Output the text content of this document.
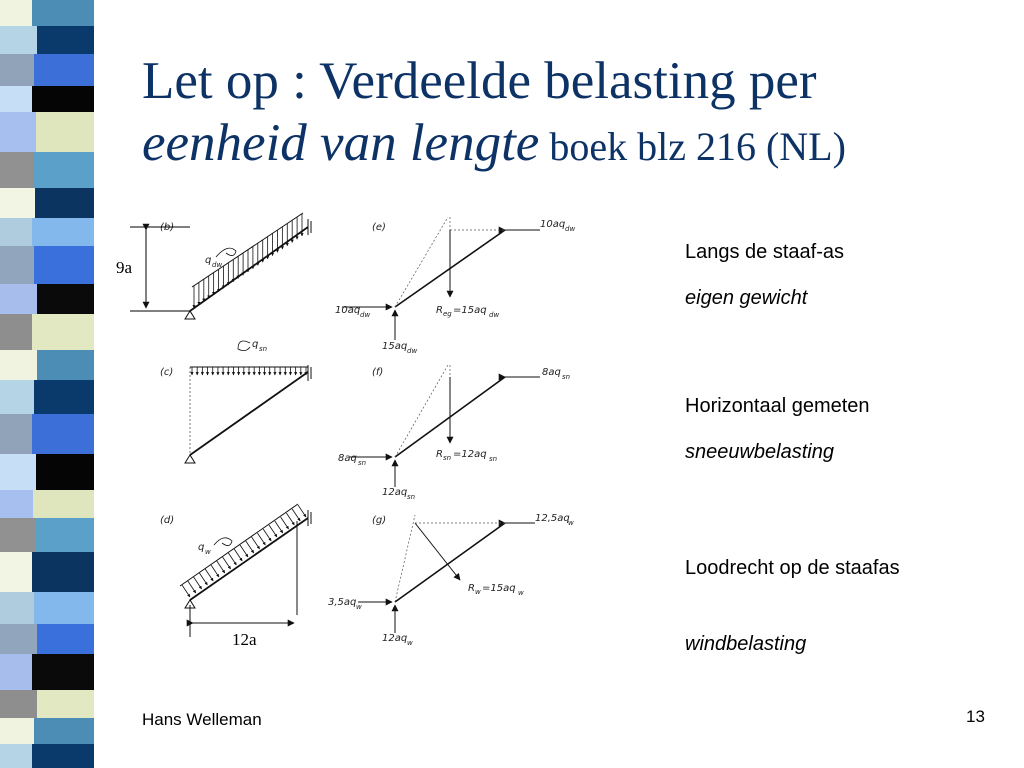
Let op : Verdeelde belasting per
eenheid van lengte boek blz 216 (NL)
(b)
9a	q dw
(c)
q sn
(d)
12a
q w
(e)	10aq dw
10aq dw
15aq dw
R eg =15aq dw
(f)	8aq sn
8aq sn
12aq sn
R sn =12aq sn
(g)	12,5aq
w
3,5aq w
12aq w
R w =15aq w
Langs de staaf-as
eigen gewicht
Horizontaal gemeten
sneeuwbelasting
Loodrecht op de staafas
windbelasting
Hans Welleman	13
